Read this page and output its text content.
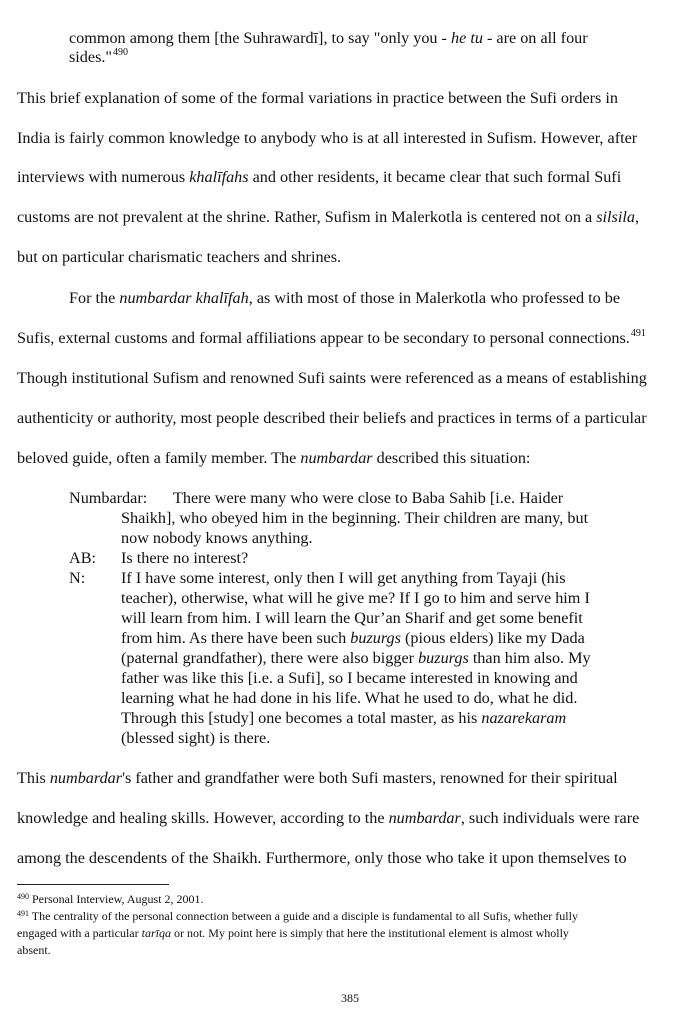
common among them [the Suhrawardī], to say "only you - he tu - are on all four
sides."$^{490}$
This brief explanation of some of the formal variations in practice between the Sufi orders in
India is fairly common knowledge to anybody who is at all interested in Sufism. However, after
interviews with numerous khalīfahs and other residents, it became clear that such formal Sufi
customs are not prevalent at the shrine. Rather, Sufism in Malerkotla is centered not on a silsila,
but on particular charismatic teachers and shrines.
For the numbardar khalīfah, as with most of those in Malerkotla who professed to be
Sufis, external customs and formal affiliations appear to be secondary to personal connections.$^{491}$
Though institutional Sufism and renowned Sufi saints were referenced as a means of establishing
authenticity or authority, most people described their beliefs and practices in terms of a particular
beloved guide, often a family member. The numbardar described this situation:
Numbardar: There were many who were close to Baba Sahib [i.e. Haider
Shaikh], who obeyed him in the beginning. Their children are many, but
now nobody knows anything.
AB: Is there no interest?
N: If I have some interest, only then I will get anything from Tayaji (his
teacher), otherwise, what will he give me? If I go to him and serve him I
will learn from him. I will learn the Qur’an Sharif and get some benefit
from him. As there have been such buzurgs (pious elders) like my Dada
(paternal grandfather), there were also bigger buzurgs than him also. My
father was like this [i.e. a Sufi], so I became interested in knowing and
learning what he had done in his life. What he used to do, what he did.
Through this [study] one becomes a total master, as his nazarekaram
(blessed sight) is there.
This numbardar's father and grandfather were both Sufi masters, renowned for their spiritual
knowledge and healing skills. However, according to the numbardar, such individuals were rare
among the descendents of the Shaikh. Furthermore, only those who take it upon themselves to
$^{490}$ Personal Interview, August 2, 2001.
$^{491}$ The centrality of the personal connection between a guide and a disciple is fundamental to all Sufis, whether fully
engaged with a particular tarīqa or not. My point here is simply that here the institutional element is almost wholly
absent.
385
